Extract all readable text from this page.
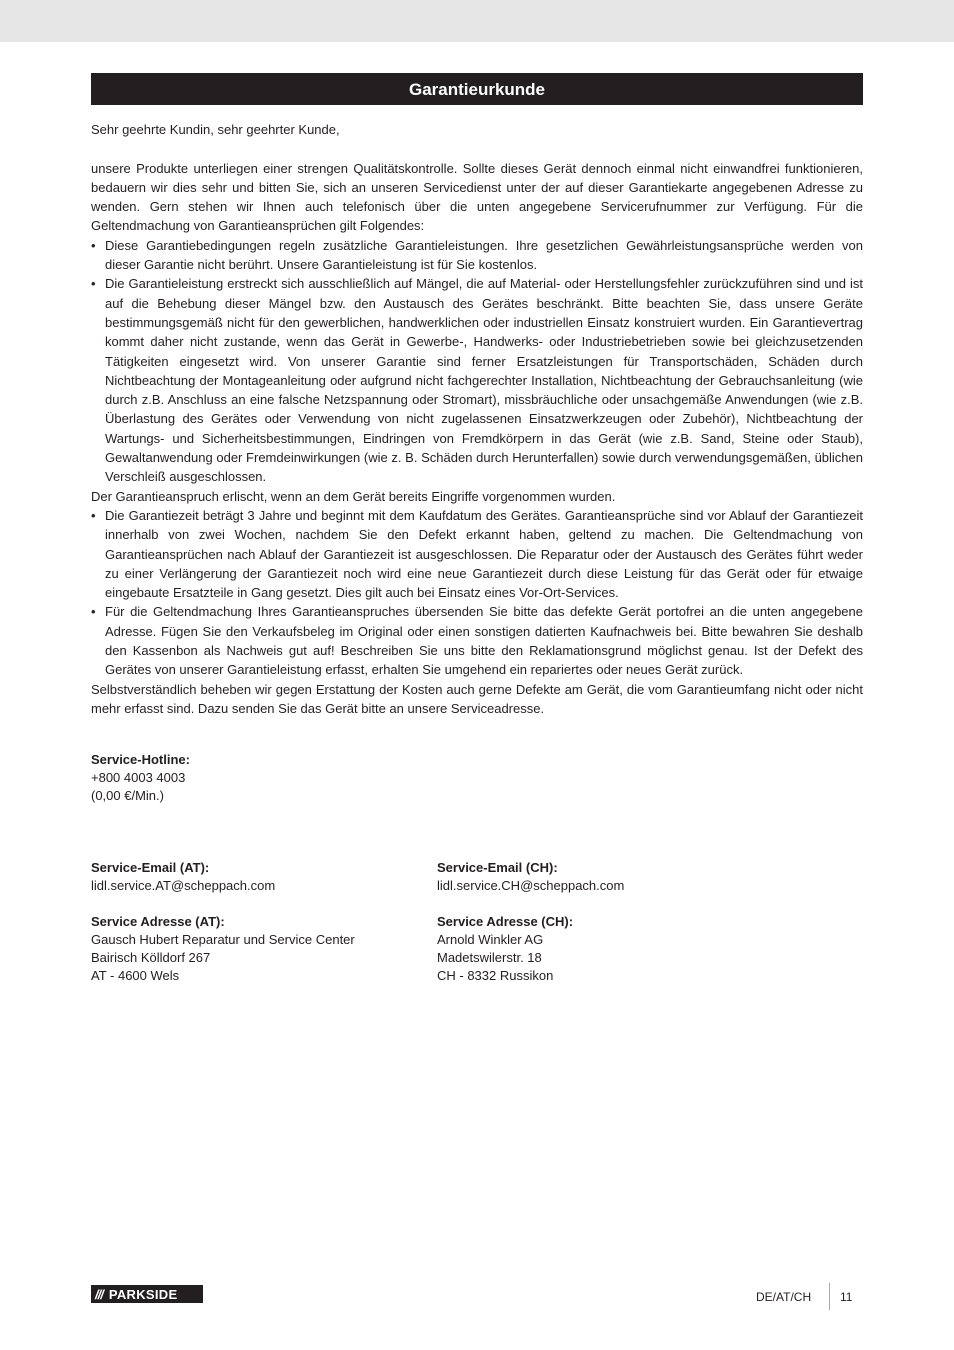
Garantieurkunde

Sehr geehrte Kundin, sehr geehrter Kunde,

unsere Produkte unterliegen einer strengen Qualitätskontrolle. Sollte dieses Gerät dennoch einmal nicht einwandfrei funktionieren, bedauern wir dies sehr und bitten Sie, sich an unseren Servicedienst unter der auf dieser Garantiekarte angegebenen Adresse zu wenden. Gern stehen wir Ihnen auch telefonisch über die unten angegebene Servicerufnummer zur Verfügung. Für die Geltendmachung von Garantieansprüchen gilt Folgendes:

• Diese Garantiebedingungen regeln zusätzliche Garantieleistungen. Ihre gesetzlichen Gewährleistungsansprüche werden von dieser Garantie nicht berührt. Unsere Garantieleistung ist für Sie kostenlos.
• Die Garantieleistung erstreckt sich ausschließlich auf Mängel, die auf Material- oder Herstellungsfehler zurückzuführen sind und ist auf die Behebung dieser Mängel bzw. den Austausch des Gerätes beschränkt. Bitte beachten Sie, dass unsere Geräte bestimmungsgemäß nicht für den gewerblichen, handwerklichen oder industriellen Einsatz konstruiert wurden. Ein Garantievertrag kommt daher nicht zustande, wenn das Gerät in Gewerbe-, Handwerks- oder Industriebetrieben sowie bei gleichzusetzenden Tätigkeiten eingesetzt wird. Von unserer Garantie sind ferner Ersatzleistungen für Transportschäden, Schäden durch Nichtbeachtung der Montageanleitung oder aufgrund nicht fachgerechter Installation, Nichtbeachtung der Gebrauchsanleitung (wie durch z.B. Anschluss an eine falsche Netzspannung oder Stromart), missbräuchliche oder unsachgemäße Anwendungen (wie z.B. Überlastung des Gerätes oder Verwendung von nicht zugelassenen Einsatzwerkzeugen oder Zubehör), Nichtbeachtung der Wartungs- und Sicherheitsbestimmungen, Eindringen von Fremdkörpern in das Gerät (wie z.B. Sand, Steine oder Staub), Gewaltanwendung oder Fremdeinwirkungen (wie z. B. Schäden durch Herunterfallen) sowie durch verwendungsgemäßen, üblichen Verschleiß ausgeschlossen.

Der Garantieanspruch erlischt, wenn an dem Gerät bereits Eingriffe vorgenommen wurden.

• Die Garantiezeit beträgt 3 Jahre und beginnt mit dem Kaufdatum des Gerätes. Garantieansprüche sind vor Ablauf der Garantiezeit innerhalb von zwei Wochen, nachdem Sie den Defekt erkannt haben, geltend zu machen. Die Geltendmachung von Garantieansprüchen nach Ablauf der Garantiezeit ist ausgeschlossen. Die Reparatur oder der Austausch des Gerätes führt weder zu einer Verlängerung der Garantiezeit noch wird eine neue Garantiezeit durch diese Leistung für das Gerät oder für etwaige eingebaute Ersatzteile in Gang gesetzt. Dies gilt auch bei Einsatz eines Vor-Ort-Services.
• Für die Geltendmachung Ihres Garantieanspruches übersenden Sie bitte das defekte Gerät portofrei an die unten angegebene Adresse. Fügen Sie den Verkaufsbeleg im Original oder einen sonstigen datierten Kaufnachweis bei. Bitte bewahren Sie deshalb den Kassenbon als Nachweis gut auf! Beschreiben Sie uns bitte den Reklamationsgrund möglichst genau. Ist der Defekt des Gerätes von unserer Garantieleistung erfasst, erhalten Sie umgehend ein repariertes oder neues Gerät zurück.

Selbstverständlich beheben wir gegen Erstattung der Kosten auch gerne Defekte am Gerät, die vom Garantieumfang nicht oder nicht mehr erfasst sind. Dazu senden Sie das Gerät bitte an unsere Serviceadresse.

Service-Hotline:
+800 4003 4003
(0,00 €/Min.)
Service-Email (AT):
lidl.service.AT@scheppach.com
Service Adresse (AT):
Gausch Hubert Reparatur und Service Center
Bairisch Kölldorf 267
AT - 4600 Wels
Service-Email (CH):
lidl.service.CH@scheppach.com
Service Adresse (CH):
Arnold Winkler AG
Madetswilerstr. 18
CH - 8332 Russikon
/// PARKSIDE	DE/AT/CH 11
